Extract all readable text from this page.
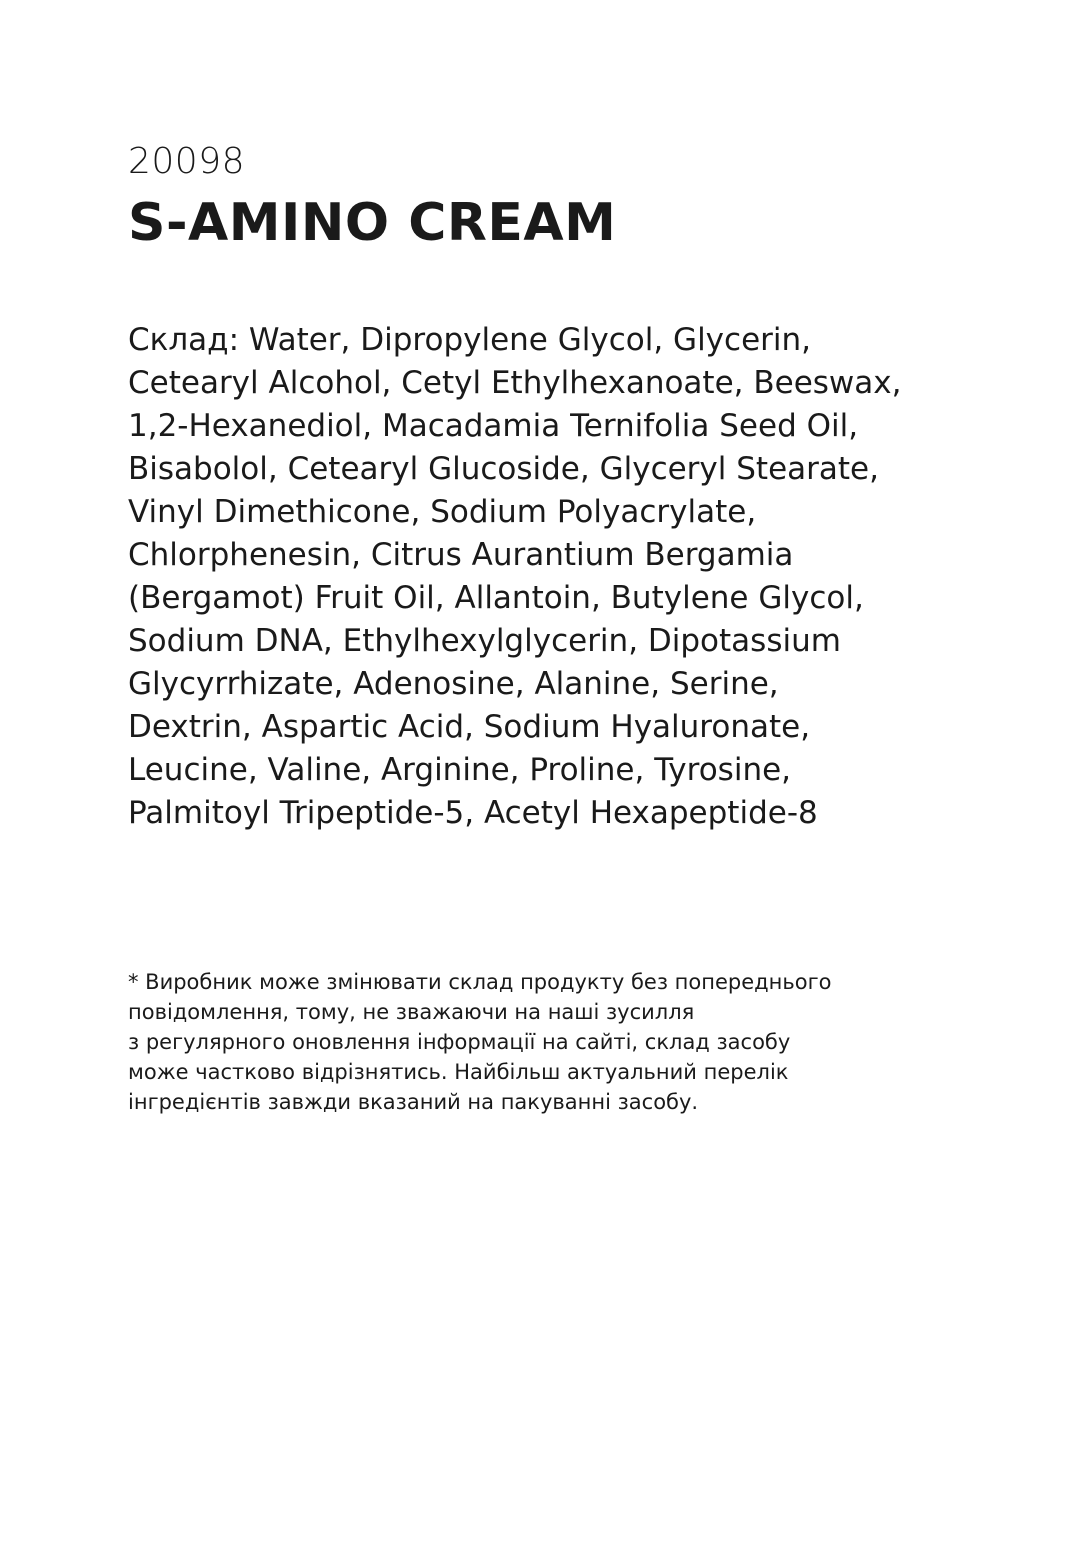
20098
S-AMINO CREAM
Склад: Water, Dipropylene Glycol, Glycerin,
Cetearyl Alcohol, Cetyl Ethylhexanoate, Beeswax,
1,2-Hexanediol, Macadamia Ternifolia Seed Oil,
Bisabolol, Cetearyl Glucoside, Glyceryl Stearate,
Vinyl Dimethicone, Sodium Polyacrylate,
Chlorphenesin, Citrus Aurantium Bergamia
(Bergamot) Fruit Oil, Allantoin, Butylene Glycol,
Sodium DNA, Ethylhexylglycerin, Dipotassium
Glycyrrhizate, Adenosine, Alanine, Serine,
Dextrin, Aspartic Acid, Sodium Hyaluronate,
Leucine, Valine, Arginine, Proline, Tyrosine,
Palmitoyl Tripeptide-5, Acetyl Hexapeptide-8
* Виробник може змінювати склад продукту без попереднього
повідомлення, тому, не зважаючи на наші зусилля
з регулярного оновлення інформації на сайті, склад засобу
може частково відрізнятись. Найбільш актуальний перелік
інгредієнтів завжди вказаний на пакуванні засобу.
